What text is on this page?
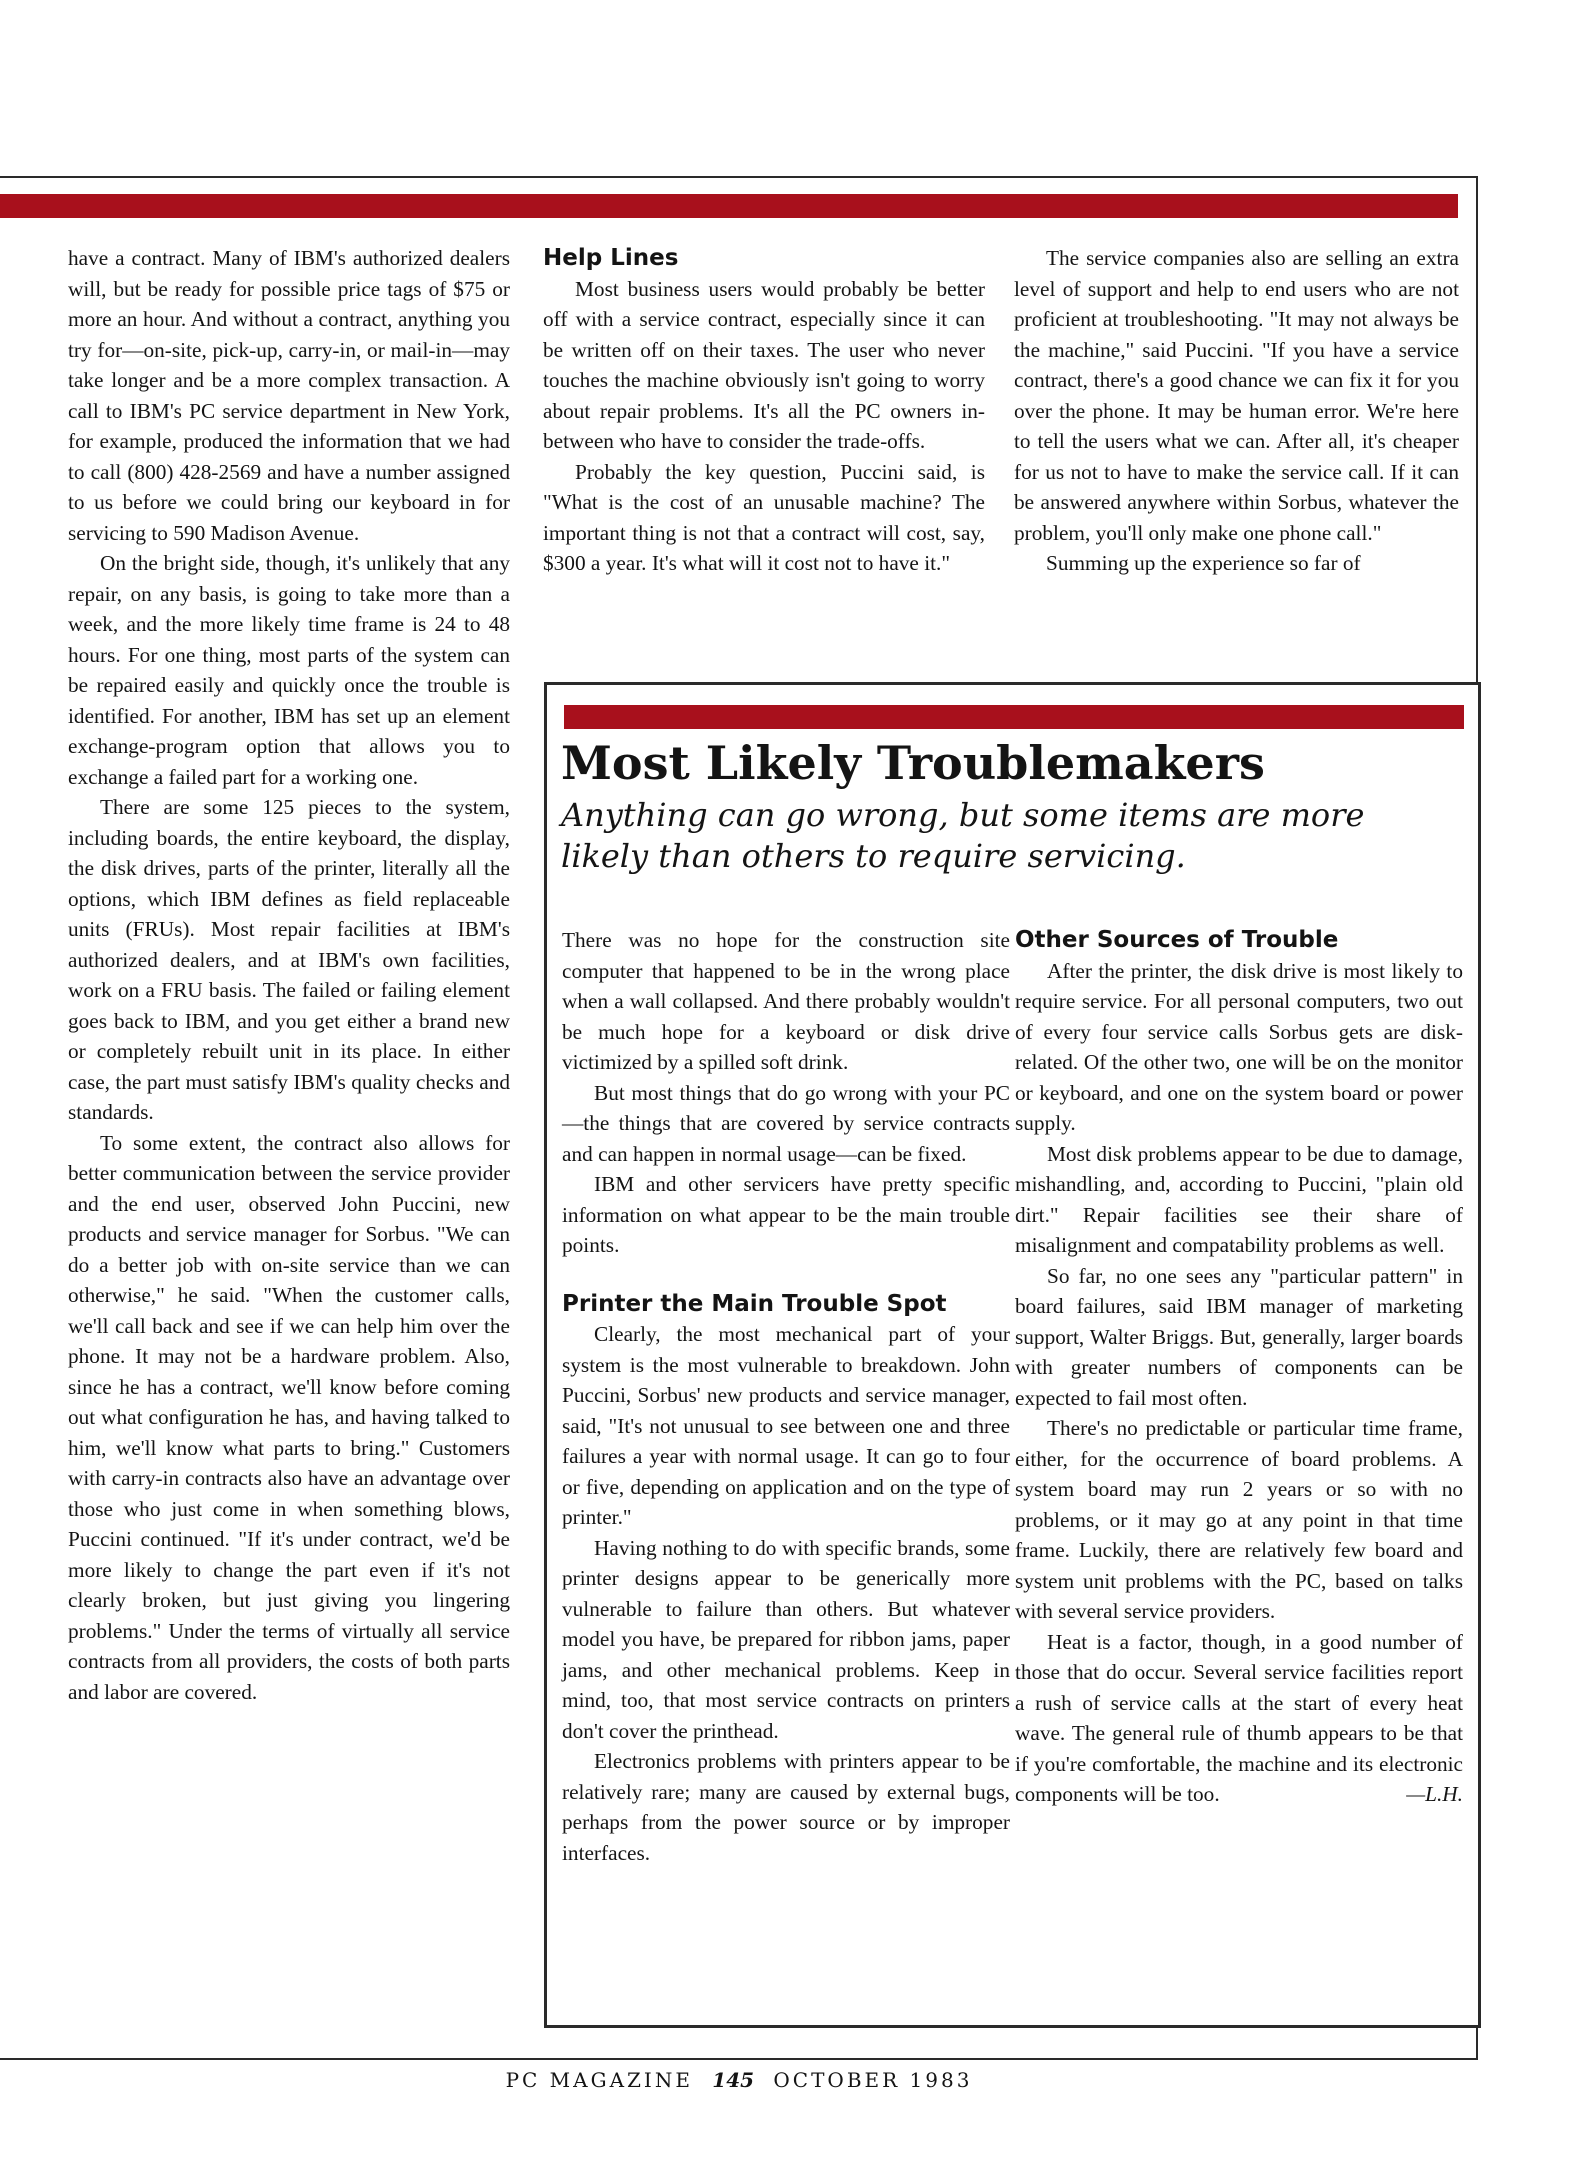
have a contract. Many of IBM's authorized dealers will, but be ready for possible price tags of $75 or more an hour. And without a contract, anything you try for—on-site, pick-up, carry-in, or mail-in—may take longer and be a more complex transaction. A call to IBM's PC service department in New York, for example, produced the information that we had to call (800) 428-2569 and have a number assigned to us before we could bring our keyboard in for servicing to 590 Madison Avenue.

On the bright side, though, it's unlikely that any repair, on any basis, is going to take more than a week, and the more likely time frame is 24 to 48 hours. For one thing, most parts of the system can be repaired easily and quickly once the trouble is identified. For another, IBM has set up an element exchange-program option that allows you to exchange a failed part for a working one.

There are some 125 pieces to the system, including boards, the entire keyboard, the display, the disk drives, parts of the printer, literally all the options, which IBM defines as field replaceable units (FRUs). Most repair facilities at IBM's authorized dealers, and at IBM's own facilities, work on a FRU basis. The failed or failing element goes back to IBM, and you get either a brand new or completely rebuilt unit in its place. In either case, the part must satisfy IBM's quality checks and standards.

To some extent, the contract also allows for better communication between the service provider and the end user, observed John Puccini, new products and service manager for Sorbus. "We can do a better job with on-site service than we can otherwise," he said. "When the customer calls, we'll call back and see if we can help him over the phone. It may not be a hardware problem. Also, since he has a contract, we'll know before coming out what configuration he has, and having talked to him, we'll know what parts to bring." Customers with carry-in contracts also have an advantage over those who just come in when something blows, Puccini continued. "If it's under contract, we'd be more likely to change the part even if it's not clearly broken, but just giving you lingering problems." Under the terms of virtually all service contracts from all providers, the costs of both parts and labor are covered.

Help Lines

Most business users would probably be better off with a service contract, especially since it can be written off on their taxes. The user who never touches the machine obviously isn't going to worry about repair problems. It's all the PC owners in-between who have to consider the trade-offs.

Probably the key question, Puccini said, is "What is the cost of an unusable machine? The important thing is not that a contract will cost, say, $300 a year. It's what will it cost not to have it."

The service companies also are selling an extra level of support and help to end users who are not proficient at troubleshooting. "It may not always be the machine," said Puccini. "If you have a service contract, there's a good chance we can fix it for you over the phone. It may be human error. We're here to tell the users what we can. After all, it's cheaper for us not to have to make the service call. If it can be answered anywhere within Sorbus, whatever the problem, you'll only make one phone call."

Summing up the experience so far of

Most Likely Troublemakers

Anything can go wrong, but some items are more likely than others to require servicing.

There was no hope for the construction site computer that happened to be in the wrong place when a wall collapsed. And there probably wouldn't be much hope for a keyboard or disk drive victimized by a spilled soft drink.

But most things that do go wrong with your PC—the things that are covered by service contracts and can happen in normal usage—can be fixed.

IBM and other servicers have pretty specific information on what appear to be the main trouble points.

Printer the Main Trouble Spot

Clearly, the most mechanical part of your system is the most vulnerable to breakdown. John Puccini, Sorbus' new products and service manager, said, "It's not unusual to see between one and three failures a year with normal usage. It can go to four or five, depending on application and on the type of printer."

Having nothing to do with specific brands, some printer designs appear to be generically more vulnerable to failure than others. But whatever model you have, be prepared for ribbon jams, paper jams, and other mechanical problems. Keep in mind, too, that most service contracts on printers don't cover the printhead.

Electronics problems with printers appear to be relatively rare; many are caused by external bugs, perhaps from the power source or by improper interfaces.

Other Sources of Trouble

After the printer, the disk drive is most likely to require service. For all personal computers, two out of every four service calls Sorbus gets are disk-related. Of the other two, one will be on the monitor or keyboard, and one on the system board or power supply.

Most disk problems appear to be due to damage, mishandling, and, according to Puccini, "plain old dirt." Repair facilities see their share of misalignment and compatability problems as well.

So far, no one sees any "particular pattern" in board failures, said IBM manager of marketing support, Walter Briggs. But, generally, larger boards with greater numbers of components can be expected to fail most often.

There's no predictable or particular time frame, either, for the occurrence of board problems. A system board may run 2 years or so with no problems, or it may go at any point in that time frame. Luckily, there are relatively few board and system unit problems with the PC, based on talks with several service providers.

Heat is a factor, though, in a good number of those that do occur. Several service facilities report a rush of service calls at the start of every heat wave. The general rule of thumb appears to be that if you're comfortable, the machine and its electronic components will be too.	—L.H.

PC MAGAZINE 145 OCTOBER 1983
